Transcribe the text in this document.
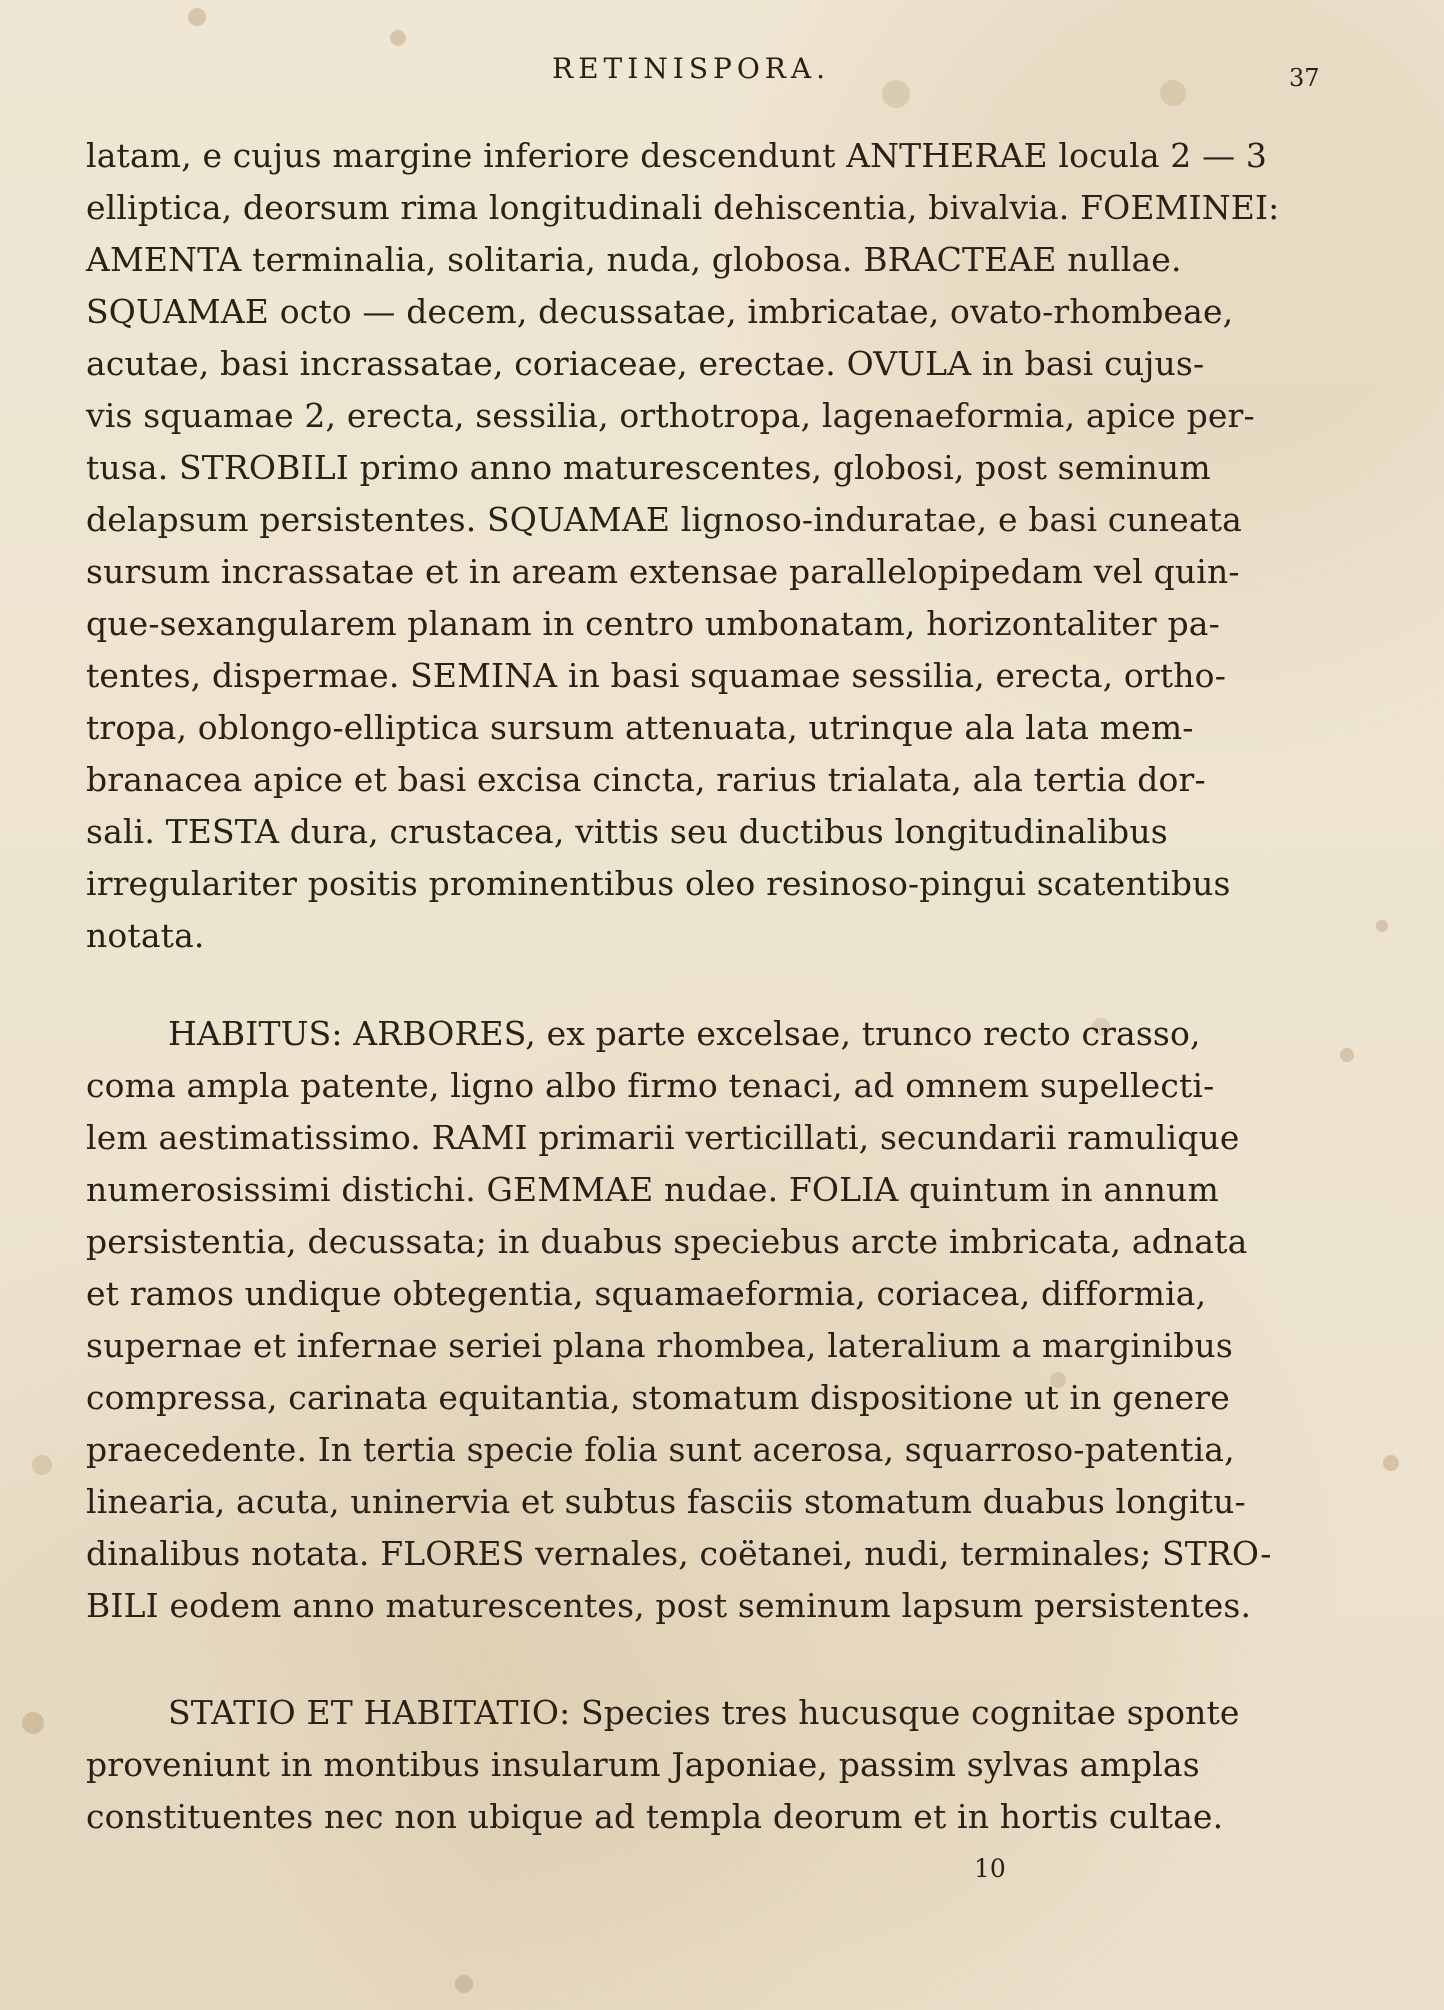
RETINISPORA.	37
latam, e cujus margine inferiore descendunt ANTHERAE locula 2 — 3
elliptica, deorsum rima longitudinali dehiscentia, bivalvia. FOEMINEI:
AMENTA terminalia, solitaria, nuda, globosa. BRACTEAE nullae.
SQUAMAE octo — decem, decussatae, imbricatae, ovato-rhombeae,
acutae, basi incrassatae, coriaceae, erectae. OVULA in basi cujus-
vis squamae 2, erecta, sessilia, orthotropa, lagenaeformia, apice per-
tusa. STROBILI primo anno maturescentes, globosi, post seminum
delapsum persistentes. SQUAMAE lignoso-induratae, e basi cuneata
sursum incrassatae et in aream extensae parallelopipedam vel quin-
que-sexangularem planam in centro umbonatam, horizontaliter pa-
tentes, dispermae. SEMINA in basi squamae sessilia, erecta, ortho-
tropa, oblongo-elliptica sursum attenuata, utrinque ala lata mem-
branacea apice et basi excisa cincta, rarius trialata, ala tertia dor-
sali. TESTA dura, crustacea, vittis seu ductibus longitudinalibus
irregulariter positis prominentibus oleo resinoso-pingui scatentibus
notata.
HABITUS: ARBORES, ex parte excelsae, trunco recto crasso,
coma ampla patente, ligno albo firmo tenaci, ad omnem supellecti-
lem aestimatissimo. RAMI primarii verticillati, secundarii ramulique
numerosissimi distichi. GEMMAE nudae. FOLIA quintum in annum
persistentia, decussata; in duabus speciebus arcte imbricata, adnata
et ramos undique obtegentia, squamaeformia, coriacea, difformia,
supernae et infernae seriei plana rhombea, lateralium a marginibus
compressa, carinata equitantia, stomatum dispositione ut in genere
praecedente. In tertia specie folia sunt acerosa, squarroso-patentia,
linearia, acuta, uninervia et subtus fasciis stomatum duabus longitu-
dinalibus notata. FLORES vernales, coëtanei, nudi, terminales; STRO-
BILI eodem anno maturescentes, post seminum lapsum persistentes.
STATIO ET HABITATIO: Species tres hucusque cognitae sponte
proveniunt in montibus insularum Japoniae, passim sylvas amplas
constituentes nec non ubique ad templa deorum et in hortis cultae.
10
